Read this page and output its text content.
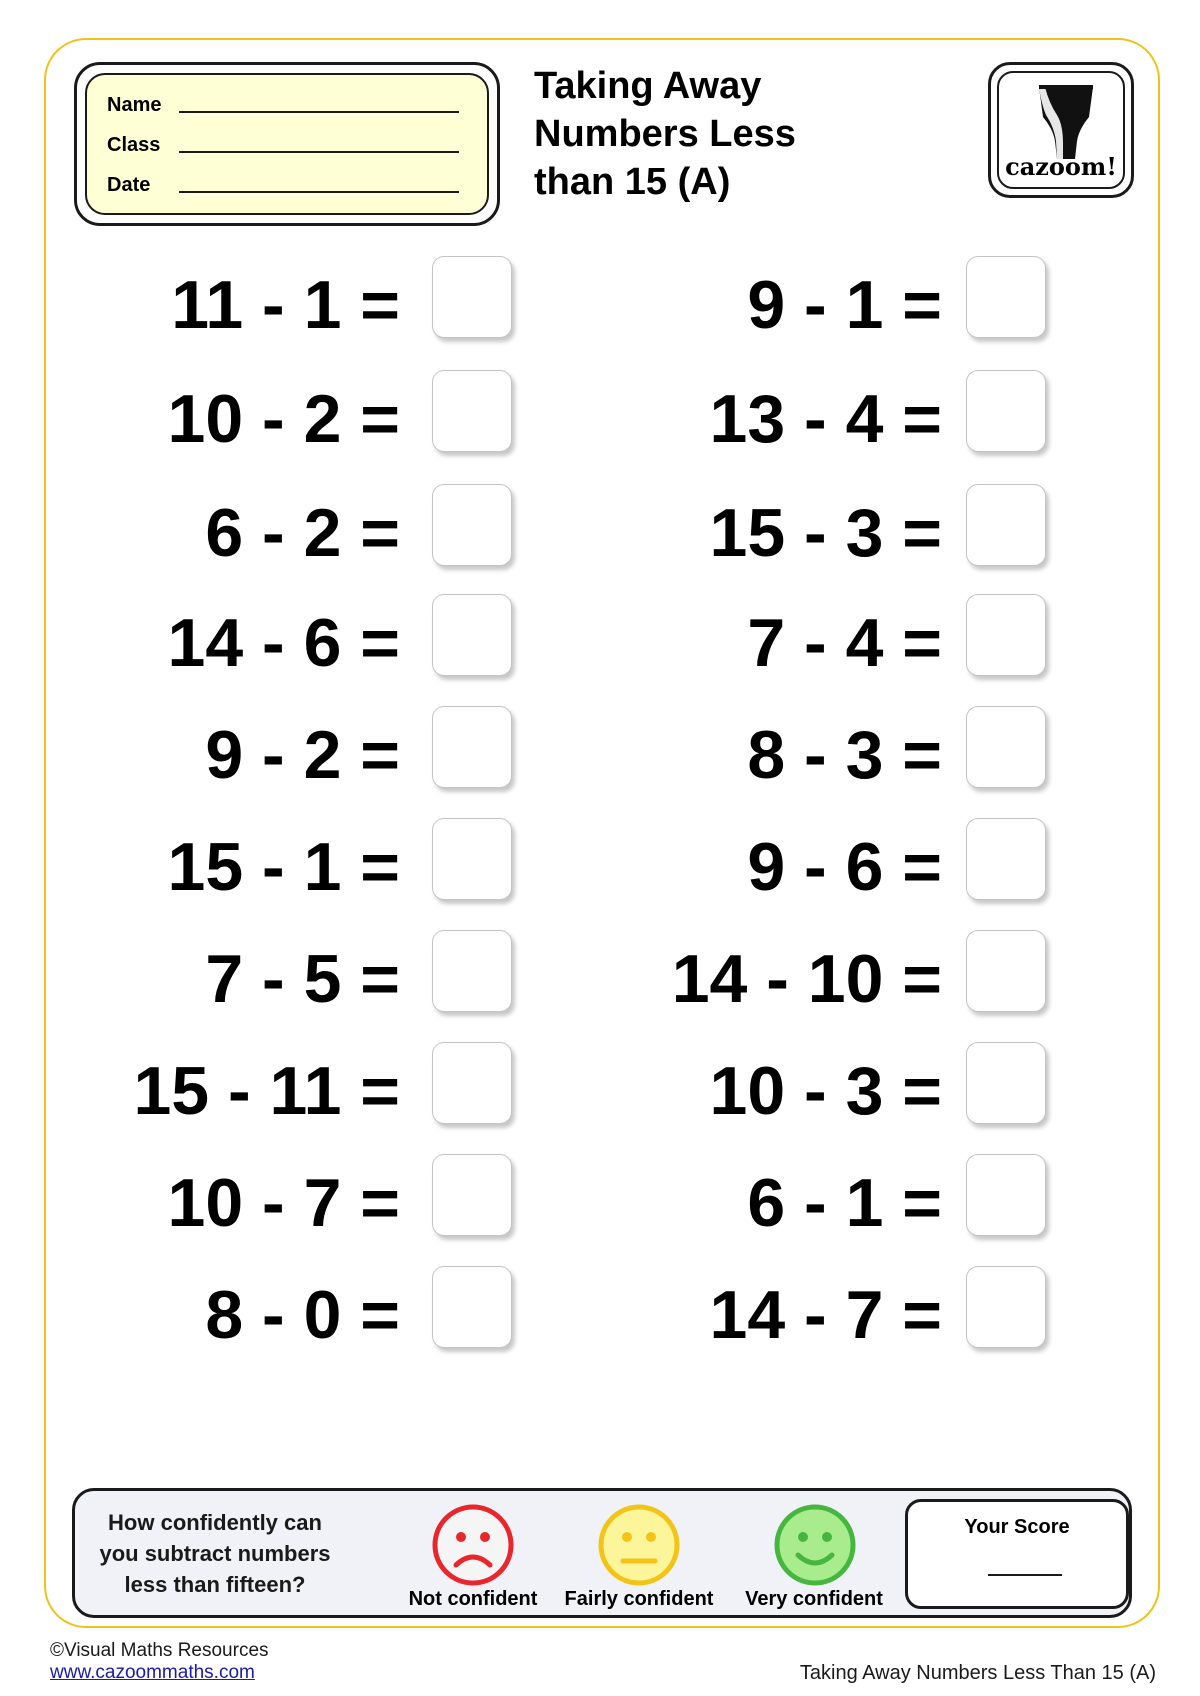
Name
Class
Date
Taking Away
Numbers Less
than 15 (A)	cazoom!
11 - 1 =
10 - 2 =
6 - 2 =
14 - 6 =
9 - 2 =
15 - 1 =
7 - 5 =
15 - 11 =
10 - 7 =
8 - 0 =
9 - 1 =
13 - 4 =
15 - 3 =
7 - 4 =
8 - 3 =
9 - 6 =
14 - 10 =
10 - 3 =
6 - 1 =
14 - 7 =
How confidently can you subtract numbers less than fifteen?
Not confident	Fairly confident	Very confident
Your Score
©Visual Maths Resources
www.cazoommaths.com	Taking Away Numbers Less Than 15 (A)
